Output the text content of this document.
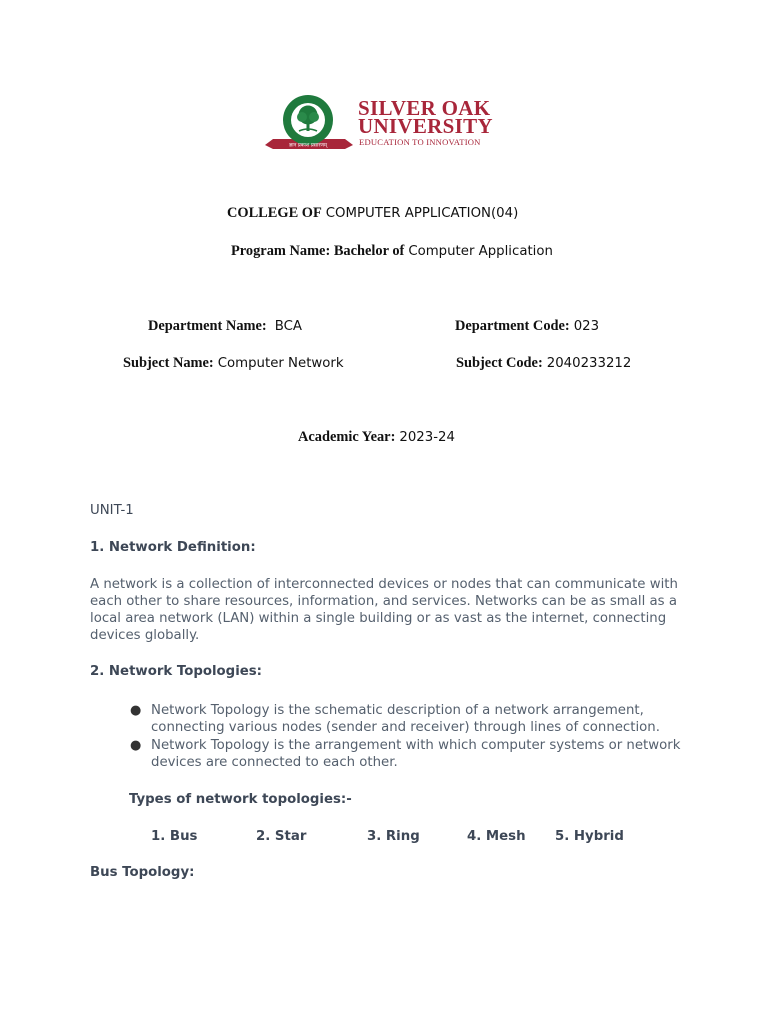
ज्ञान प्रकाश प्रसारणम्
SILVER OAK
UNIVERSITY
EDUCATION TO INNOVATION
COLLEGE OF COMPUTER APPLICATION(04)
Program Name: Bachelor of Computer Application
Department Name: BCA	Department Code: 023
Subject Name: Computer Network	Subject Code: 2040233212
Academic Year: 2023-24
UNIT-1
1. Network Definition:
A network is a collection of interconnected devices or nodes that can communicate with each other to share resources, information, and services. Networks can be as small as a local area network (LAN) within a single building or as vast as the internet, connecting devices globally.
2. Network Topologies:
● Network Topology is the schematic description of a network arrangement, connecting various nodes (sender and receiver) through lines of connection.
● Network Topology is the arrangement with which computer systems or network devices are connected to each other.
Types of network topologies:-
1. Bus	2. Star	3. Ring	4. Mesh 5. Hybrid
Bus Topology:
